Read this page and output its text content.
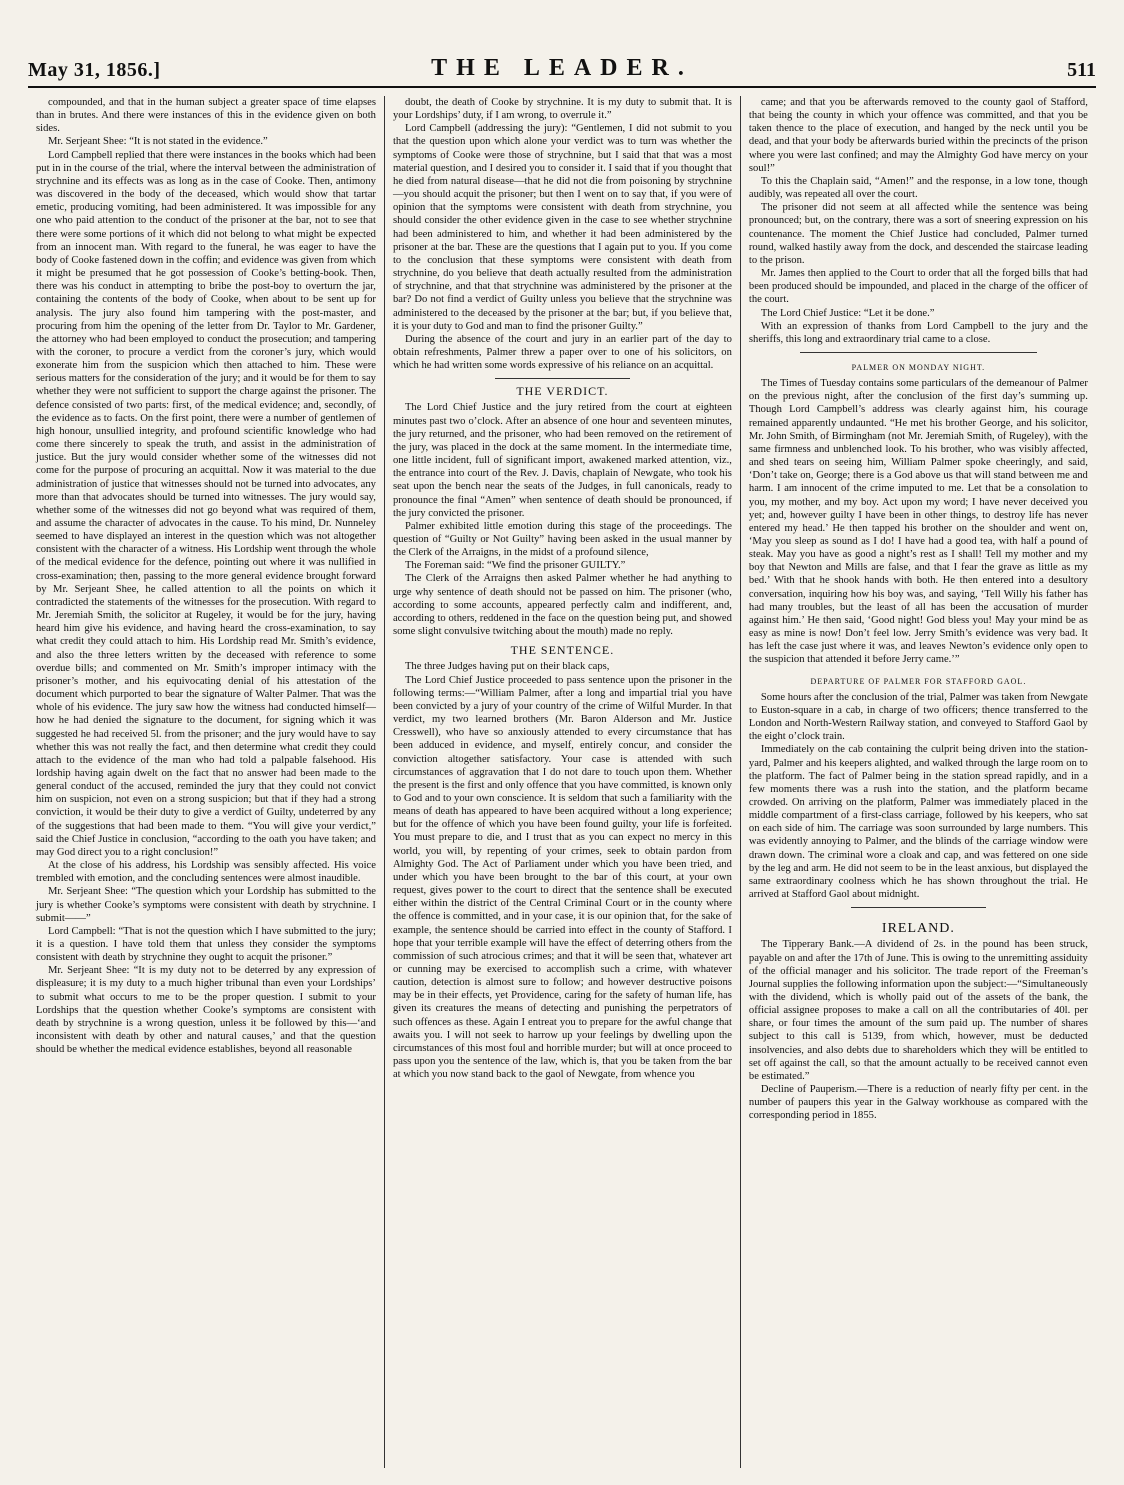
May 31, 1856.]	THE LEADER.	511

compounded, and that in the human subject a greater space of time elapses than in brutes. And there were instances of this in the evidence given on both sides.

Mr. Serjeant Shee: “It is not stated in the evidence.”

Lord Campbell replied that there were instances in the books which had been put in in the course of the trial, where the interval between the administration of strychnine and its effects was as long as in the case of Cooke. Then, antimony was discovered in the body of the deceased, which would show that tartar emetic, producing vomiting, had been administered. It was impossible for any one who paid attention to the conduct of the prisoner at the bar, not to see that there were some portions of it which did not belong to what might be expected from an innocent man. With regard to the funeral, he was eager to have the body of Cooke fastened down in the coffin; and evidence was given from which it might be presumed that he got possession of Cooke’s betting-book. Then, there was his conduct in attempting to bribe the post-boy to overturn the jar, containing the contents of the body of Cooke, when about to be sent up for analysis. The jury also found him tampering with the post-master, and procuring from him the opening of the letter from Dr. Taylor to Mr. Gardener, the attorney who had been employed to conduct the prosecution; and tampering with the coroner, to procure a verdict from the coroner’s jury, which would exonerate him from the suspicion which then attached to him. These were serious matters for the consideration of the jury; and it would be for them to say whether they were not sufficient to support the charge against the prisoner. The defence consisted of two parts: first, of the medical evidence; and, secondly, of the evidence as to facts. On the first point, there were a number of gentlemen of high honour, unsullied integrity, and profound scientific knowledge who had come there sincerely to speak the truth, and assist in the administration of justice. But the jury would consider whether some of the witnesses did not come for the purpose of procuring an acquittal. Now it was material to the due administration of justice that witnesses should not be turned into advocates, any more than that advocates should be turned into witnesses. The jury would say, whether some of the witnesses did not go beyond what was required of them, and assume the character of advocates in the cause. To his mind, Dr. Nunneley seemed to have displayed an interest in the question which was not altogether consistent with the character of a witness. His Lordship went through the whole of the medical evidence for the defence, pointing out where it was nullified in cross-examination; then, passing to the more general evidence brought forward by Mr. Serjeant Shee, he called attention to all the points on which it contradicted the statements of the witnesses for the prosecution. With regard to Mr. Jeremiah Smith, the solicitor at Rugeley, it would be for the jury, having heard him give his evidence, and having heard the cross-examination, to say what credit they could attach to him. His Lordship read Mr. Smith’s evidence, and also the three letters written by the deceased with reference to some overdue bills; and commented on Mr. Smith’s improper intimacy with the prisoner’s mother, and his equivocating denial of his attestation of the document which purported to bear the signature of Walter Palmer. That was the whole of his evidence. The jury saw how the witness had conducted himself—how he had denied the signature to the document, for signing which it was suggested he had received 5l. from the prisoner; and the jury would have to say whether this was not really the fact, and then determine what credit they could attach to the evidence of the man who had told a palpable falsehood. His lordship having again dwelt on the fact that no answer had been made to the general conduct of the accused, reminded the jury that they could not convict him on suspicion, not even on a strong suspicion; but that if they had a strong conviction, it would be their duty to give a verdict of Guilty, undeterred by any of the suggestions that had been made to them. “You will give your verdict,” said the Chief Justice in conclusion, “according to the oath you have taken; and may God direct you to a right conclusion!”

At the close of his address, his Lordship was sensibly affected. His voice trembled with emotion, and the concluding sentences were almost inaudible.

Mr. Serjeant Shee: “The question which your Lordship has submitted to the jury is whether Cooke’s symptoms were consistent with death by strychnine. I submit——”

Lord Campbell: “That is not the question which I have submitted to the jury; it is a question. I have told them that unless they consider the symptoms consistent with death by strychnine they ought to acquit the prisoner.”

Mr. Serjeant Shee: “It is my duty not to be deterred by any expression of displeasure; it is my duty to a much higher tribunal than even your Lordships’ to submit what occurs to me to be the proper question. I submit to your Lordships that the question whether Cooke’s symptoms are consistent with death by strychnine is a wrong question, unless it be followed by this—‘and inconsistent with death by other and natural causes,’ and that the question should be whether the medical evidence establishes, beyond all reasonable

doubt, the death of Cooke by strychnine. It is my duty to submit that. It is your Lordships’ duty, if I am wrong, to overrule it.”

Lord Campbell (addressing the jury): “Gentlemen, I did not submit to you that the question upon which alone your verdict was to turn was whether the symptoms of Cooke were those of strychnine, but I said that that was a most material question, and I desired you to consider it. I said that if you thought that he died from natural disease—that he did not die from poisoning by strychnine—you should acquit the prisoner; but then I went on to say that, if you were of opinion that the symptoms were consistent with death from strychnine, you should consider the other evidence given in the case to see whether strychnine had been administered to him, and whether it had been administered by the prisoner at the bar. These are the questions that I again put to you. If you come to the conclusion that these symptoms were consistent with death from strychnine, do you believe that death actually resulted from the administration of strychnine, and that that strychnine was administered by the prisoner at the bar? Do not find a verdict of Guilty unless you believe that the strychnine was administered to the deceased by the prisoner at the bar; but, if you believe that, it is your duty to God and man to find the prisoner Guilty.”

During the absence of the court and jury in an earlier part of the day to obtain refreshments, Palmer threw a paper over to one of his solicitors, on which he had written some words expressive of his reliance on an acquittal.

THE VERDICT.

The Lord Chief Justice and the jury retired from the court at eighteen minutes past two o’clock. After an absence of one hour and seventeen minutes, the jury returned, and the prisoner, who had been removed on the retirement of the jury, was placed in the dock at the same moment. In the intermediate time, one little incident, full of significant import, awakened marked attention, viz., the entrance into court of the Rev. J. Davis, chaplain of Newgate, who took his seat upon the bench near the seats of the Judges, in full canonicals, ready to pronounce the final “Amen” when sentence of death should be pronounced, if the jury convicted the prisoner.

Palmer exhibited little emotion during this stage of the proceedings. The question of “Guilty or Not Guilty” having been asked in the usual manner by the Clerk of the Arraigns, in the midst of a profound silence,

The Foreman said: “We find the prisoner GUILTY.”

The Clerk of the Arraigns then asked Palmer whether he had anything to urge why sentence of death should not be passed on him. The prisoner (who, according to some accounts, appeared perfectly calm and indifferent, and, according to others, reddened in the face on the question being put, and showed some slight convulsive twitching about the mouth) made no reply.

THE SENTENCE.

The three Judges having put on their black caps,

The Lord Chief Justice proceeded to pass sentence upon the prisoner in the following terms:—“William Palmer, after a long and impartial trial you have been convicted by a jury of your country of the crime of Wilful Murder. In that verdict, my two learned brothers (Mr. Baron Alderson and Mr. Justice Cresswell), who have so anxiously attended to every circumstance that has been adduced in evidence, and myself, entirely concur, and consider the conviction altogether satisfactory. Your case is attended with such circumstances of aggravation that I do not dare to touch upon them. Whether the present is the first and only offence that you have committed, is known only to God and to your own conscience. It is seldom that such a familiarity with the means of death has appeared to have been acquired without a long experience; but for the offence of which you have been found guilty, your life is forfeited. You must prepare to die, and I trust that as you can expect no mercy in this world, you will, by repenting of your crimes, seek to obtain pardon from Almighty God. The Act of Parliament under which you have been tried, and under which you have been brought to the bar of this court, at your own request, gives power to the court to direct that the sentence shall be executed either within the district of the Central Criminal Court or in the county where the offence is committed, and in your case, it is our opinion that, for the sake of example, the sentence should be carried into effect in the county of Stafford. I hope that your terrible example will have the effect of deterring others from the commission of such atrocious crimes; and that it will be seen that, whatever art or cunning may be exercised to accomplish such a crime, with whatever caution, detection is almost sure to follow; and however destructive poisons may be in their effects, yet Providence, caring for the safety of human life, has given its creatures the means of detecting and punishing the perpetrators of such offences as these. Again I entreat you to prepare for the awful change that awaits you. I will not seek to harrow up your feelings by dwelling upon the circumstances of this most foul and horrible murder; but will at once proceed to pass upon you the sentence of the law, which is, that you be taken from the bar at which you now stand back to the gaol of Newgate, from whence you

came; and that you be afterwards removed to the county gaol of Stafford, that being the county in which your offence was committed, and that you be taken thence to the place of execution, and hanged by the neck until you be dead, and that your body be afterwards buried within the precincts of the prison where you were last confined; and may the Almighty God have mercy on your soul!”

To this the Chaplain said, “Amen!” and the response, in a low tone, though audibly, was repeated all over the court.

The prisoner did not seem at all affected while the sentence was being pronounced; but, on the contrary, there was a sort of sneering expression on his countenance. The moment the Chief Justice had concluded, Palmer turned round, walked hastily away from the dock, and descended the staircase leading to the prison.

Mr. James then applied to the Court to order that all the forged bills that had been produced should be impounded, and placed in the charge of the officer of the court.

The Lord Chief Justice: “Let it be done.”

With an expression of thanks from Lord Campbell to the jury and the sheriffs, this long and extraordinary trial came to a close.

PALMER ON MONDAY NIGHT.

The Times of Tuesday contains some particulars of the demeanour of Palmer on the previous night, after the conclusion of the first day’s summing up. Though Lord Campbell’s address was clearly against him, his courage remained apparently undaunted. “He met his brother George, and his solicitor, Mr. John Smith, of Birmingham (not Mr. Jeremiah Smith, of Rugeley), with the same firmness and unblenched look. To his brother, who was visibly affected, and shed tears on seeing him, William Palmer spoke cheeringly, and said, ‘Don’t take on, George; there is a God above us that will stand between me and harm. I am innocent of the crime imputed to me. Let that be a consolation to you, my mother, and my boy. Act upon my word; I have never deceived you yet; and, however guilty I have been in other things, to destroy life has never entered my head.’ He then tapped his brother on the shoulder and went on, ‘May you sleep as sound as I do! I have had a good tea, with half a pound of steak. May you have as good a night’s rest as I shall! Tell my mother and my boy that Newton and Mills are false, and that I fear the grave as little as my bed.’ With that he shook hands with both. He then entered into a desultory conversation, inquiring how his boy was, and saying, ‘Tell Willy his father has had many troubles, but the least of all has been the accusation of murder against him.’ He then said, ‘Good night! God bless you! May your mind be as easy as mine is now! Don’t feel low. Jerry Smith’s evidence was very bad. It has left the case just where it was, and leaves Newton’s evidence only open to the suspicion that attended it before Jerry came.’”

DEPARTURE OF PALMER FOR STAFFORD GAOL.

Some hours after the conclusion of the trial, Palmer was taken from Newgate to Euston-square in a cab, in charge of two officers; thence transferred to the London and North-Western Railway station, and conveyed to Stafford Gaol by the eight o’clock train.

Immediately on the cab containing the culprit being driven into the station-yard, Palmer and his keepers alighted, and walked through the large room on to the platform. The fact of Palmer being in the station spread rapidly, and in a few moments there was a rush into the station, and the platform became crowded. On arriving on the platform, Palmer was immediately placed in the middle compartment of a first-class carriage, followed by his keepers, who sat on each side of him. The carriage was soon surrounded by large numbers. This was evidently annoying to Palmer, and the blinds of the carriage window were drawn down. The criminal wore a cloak and cap, and was fettered on one side by the leg and arm. He did not seem to be in the least anxious, but displayed the same extraordinary coolness which he has shown throughout the trial. He arrived at Stafford Gaol about midnight.

IRELAND.

The Tipperary Bank.—A dividend of 2s. in the pound has been struck, payable on and after the 17th of June. This is owing to the unremitting assiduity of the official manager and his solicitor. The trade report of the Freeman’s Journal supplies the following information upon the subject:—“Simultaneously with the dividend, which is wholly paid out of the assets of the bank, the official assignee proposes to make a call on all the contributaries of 40l. per share, or four times the amount of the sum paid up. The number of shares subject to this call is 5139, from which, however, must be deducted insolvencies, and also debts due to shareholders which they will be entitled to set off against the call, so that the amount actually to be received cannot even be estimated.”

Decline of Pauperism.—There is a reduction of nearly fifty per cent. in the number of paupers this year in the Galway workhouse as compared with the corresponding period in 1855.
